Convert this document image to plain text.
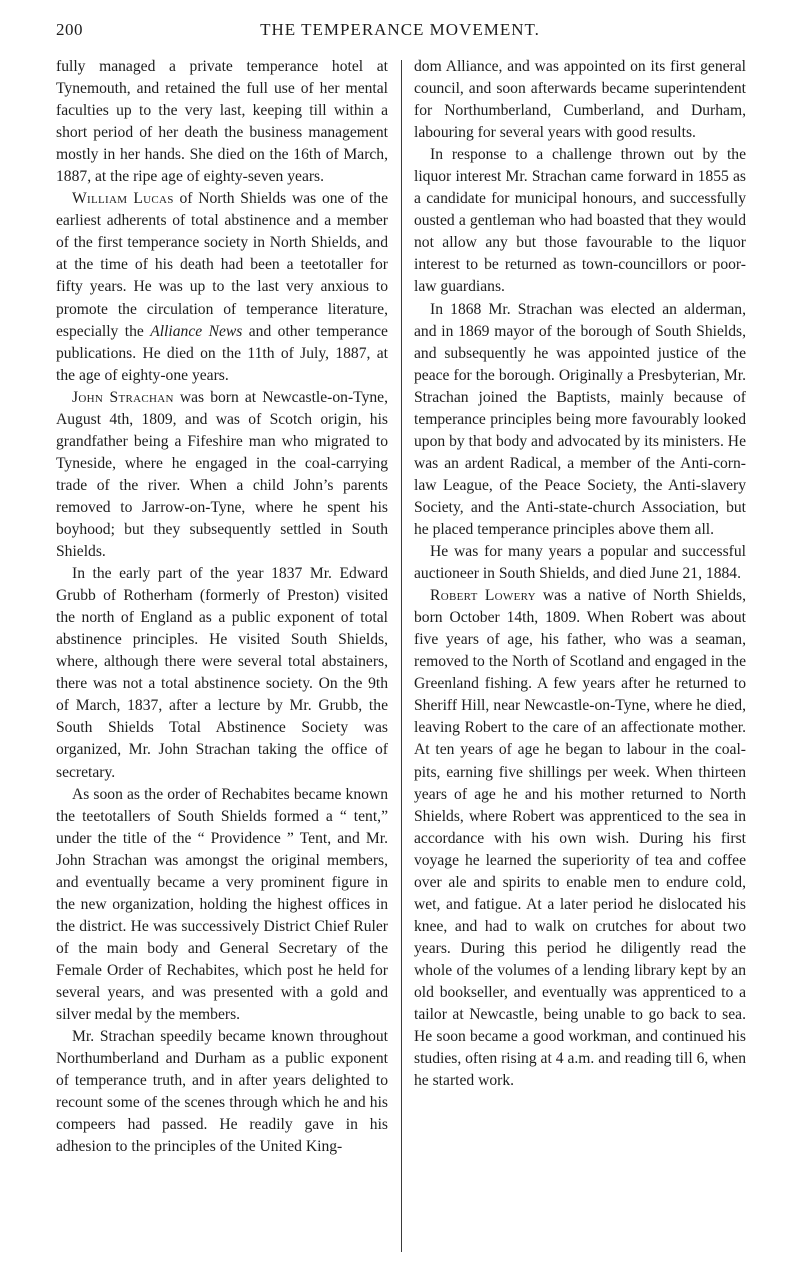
200	THE TEMPERANCE MOVEMENT.

fully managed a private temperance hotel at Tynemouth, and retained the full use of her mental faculties up to the very last, keeping till within a short period of her death the business management mostly in her hands. She died on the 16th of March, 1887, at the ripe age of eighty-seven years.

William Lucas of North Shields was one of the earliest adherents of total abstinence and a member of the first temperance society in North Shields, and at the time of his death had been a teetotaller for fifty years. He was up to the last very anxious to promote the circulation of temperance literature, especially the Alliance News and other temperance publications. He died on the 11th of July, 1887, at the age of eighty-one years.

John Strachan was born at Newcastle-on-Tyne, August 4th, 1809, and was of Scotch origin, his grandfather being a Fifeshire man who migrated to Tyneside, where he engaged in the coal-carrying trade of the river. When a child John’s parents removed to Jarrow-on-Tyne, where he spent his boyhood; but they subsequently settled in South Shields.

In the early part of the year 1837 Mr. Edward Grubb of Rotherham (formerly of Preston) visited the north of England as a public exponent of total abstinence principles. He visited South Shields, where, although there were several total abstainers, there was not a total abstinence society. On the 9th of March, 1837, after a lecture by Mr. Grubb, the South Shields Total Abstinence Society was organized, Mr. John Strachan taking the office of secretary.

As soon as the order of Rechabites became known the teetotallers of South Shields formed a “ tent,” under the title of the “ Providence ” Tent, and Mr. John Strachan was amongst the original members, and eventually became a very prominent figure in the new organization, holding the highest offices in the district. He was successively District Chief Ruler of the main body and General Secretary of the Female Order of Rechabites, which post he held for several years, and was presented with a gold and silver medal by the members.

Mr. Strachan speedily became known throughout Northumberland and Durham as a public exponent of temperance truth, and in after years delighted to recount some of the scenes through which he and his compeers had passed. He readily gave in his adhesion to the principles of the United King-

dom Alliance, and was appointed on its first general council, and soon afterwards became superintendent for Northumberland, Cumberland, and Durham, labouring for several years with good results.

In response to a challenge thrown out by the liquor interest Mr. Strachan came forward in 1855 as a candidate for municipal honours, and successfully ousted a gentleman who had boasted that they would not allow any but those favourable to the liquor interest to be returned as town-councillors or poor-law guardians.

In 1868 Mr. Strachan was elected an alderman, and in 1869 mayor of the borough of South Shields, and subsequently he was appointed justice of the peace for the borough. Originally a Presbyterian, Mr. Strachan joined the Baptists, mainly because of temperance principles being more favourably looked upon by that body and advocated by its ministers. He was an ardent Radical, a member of the Anti-corn-law League, of the Peace Society, the Anti-slavery Society, and the Anti-state-church Association, but he placed temperance principles above them all.

He was for many years a popular and successful auctioneer in South Shields, and died June 21, 1884.

Robert Lowery was a native of North Shields, born October 14th, 1809. When Robert was about five years of age, his father, who was a seaman, removed to the North of Scotland and engaged in the Greenland fishing. A few years after he returned to Sheriff Hill, near Newcastle-on-Tyne, where he died, leaving Robert to the care of an affectionate mother. At ten years of age he began to labour in the coal-pits, earning five shillings per week. When thirteen years of age he and his mother returned to North Shields, where Robert was apprenticed to the sea in accordance with his own wish. During his first voyage he learned the superiority of tea and coffee over ale and spirits to enable men to endure cold, wet, and fatigue. At a later period he dislocated his knee, and had to walk on crutches for about two years. During this period he diligently read the whole of the volumes of a lending library kept by an old bookseller, and eventually was apprenticed to a tailor at Newcastle, being unable to go back to sea. He soon became a good workman, and continued his studies, often rising at 4 a.m. and reading till 6, when he started work.
